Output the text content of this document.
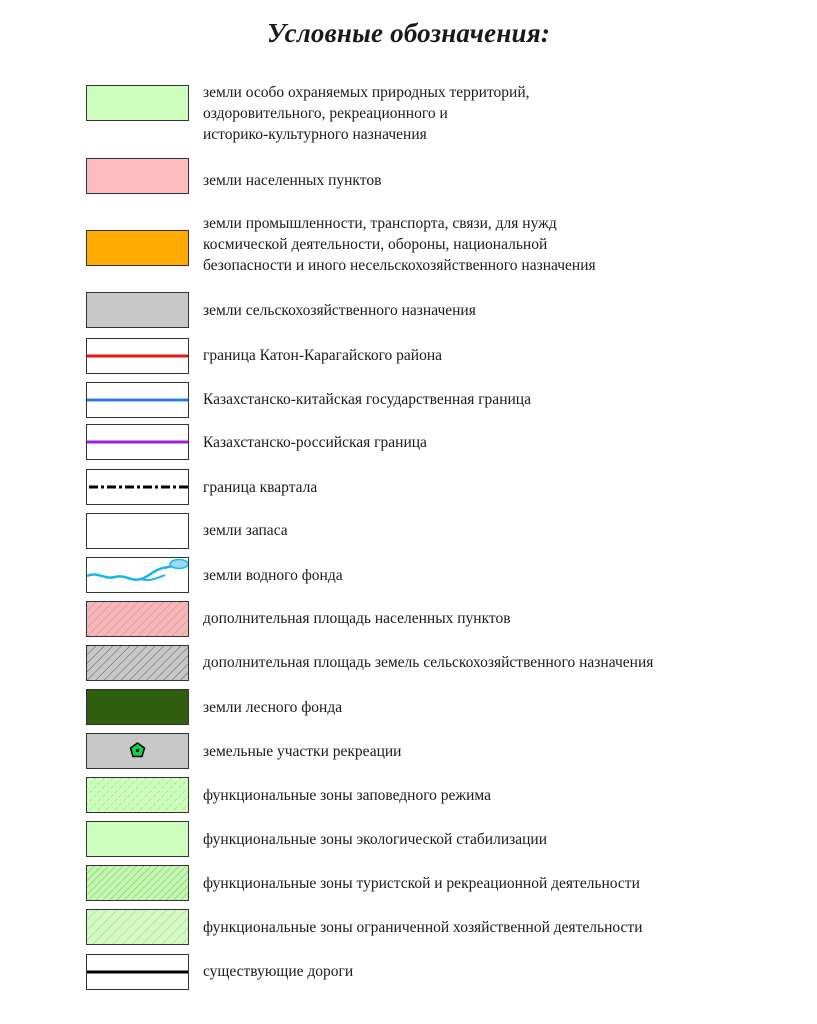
Условные обозначения:
земли особо охраняемых природных территорий,
оздоровительного, рекреационного и
историко-культурного назначения
земли населенных пунктов
земли промышленности, транспорта, связи, для нужд
космической деятельности, обороны, национальной
безопасности и иного несельскохозяйственного назначения
земли сельскохозяйственного назначения
граница Катон-Карагайского района
Казахстанско-китайская государственная граница
Казахстанско-российская граница
граница квартала
земли запаса
земли водного фонда
дополнительная площадь населенных пунктов
дополнительная площадь земель сельскохозяйственного назначения
земли лесного фонда
земельные участки рекреации
функциональные зоны заповедного режима
функциональные зоны экологической стабилизации
функциональные зоны туристской и рекреационной деятельности
функциональные зоны ограниченной хозяйственной деятельности
существующие дороги
